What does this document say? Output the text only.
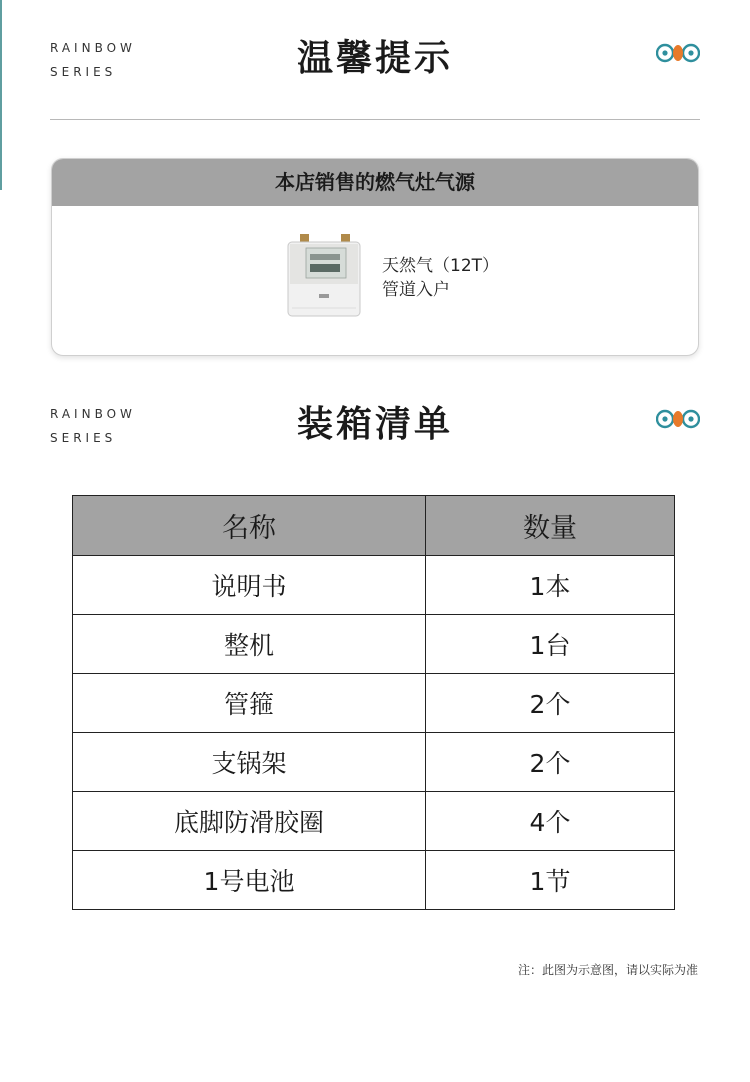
RAINBOW
SERIES	温馨提示
本店销售的燃气灶气源
天然气（12T）
管道入户
RAINBOW
SERIES	装箱清单
名称	数量
说明书	1本
整机	1台
管箍	2个
支锅架	2个
底脚防滑胶圈	4个
1号电池	1节
注：此图为示意图，请以实际为准
